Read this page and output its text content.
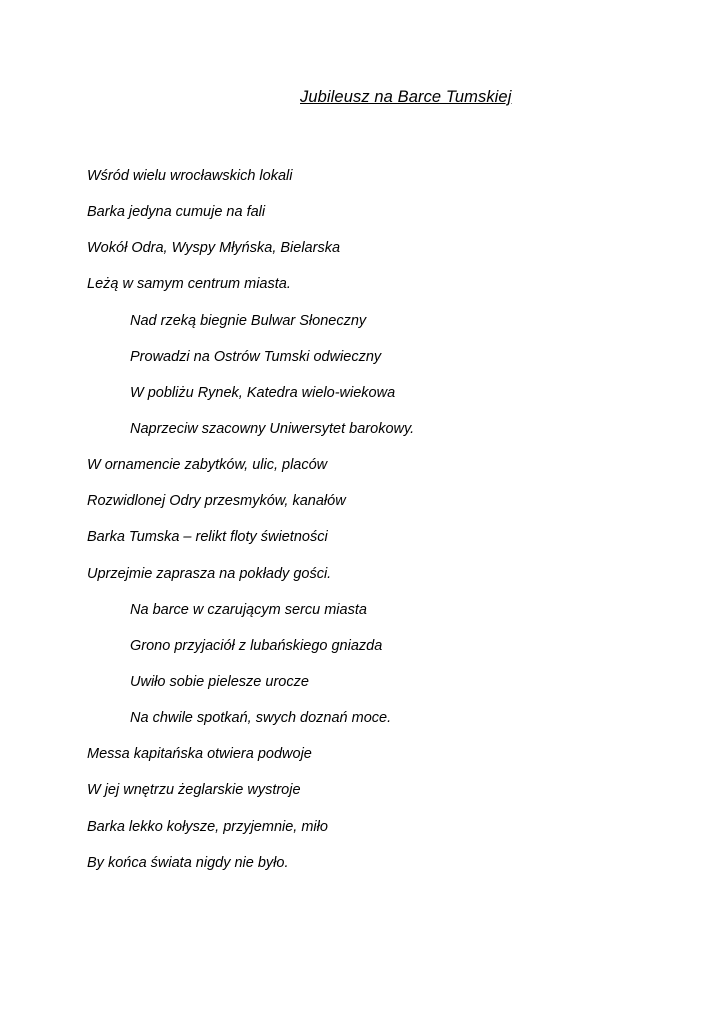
Jubileusz na Barce Tumskiej
Wśród wielu wrocławskich lokali
Barka jedyna cumuje na fali
Wokół Odra, Wyspy Młyńska, Bielarska
Leżą w samym centrum miasta.
Nad rzeką biegnie Bulwar Słoneczny
Prowadzi na Ostrów Tumski odwieczny
W pobliżu Rynek, Katedra wielo-wiekowa
Naprzeciw szacowny Uniwersytet barokowy.
W ornamencie zabytków, ulic, placów
Rozwidlonej Odry przesmyków, kanałów
Barka Tumska – relikt floty świetności
Uprzejmie zaprasza na pokłady gości.
Na barce w czarującym sercu miasta
Grono przyjaciół z lubańskiego gniazda
Uwiło sobie pielesze urocze
Na chwile spotkań, swych doznań moce.
Messa kapitańska otwiera podwoje
W jej wnętrzu żeglarskie wystroje
Barka lekko kołysze, przyjemnie, miło
By końca świata nigdy nie było.
